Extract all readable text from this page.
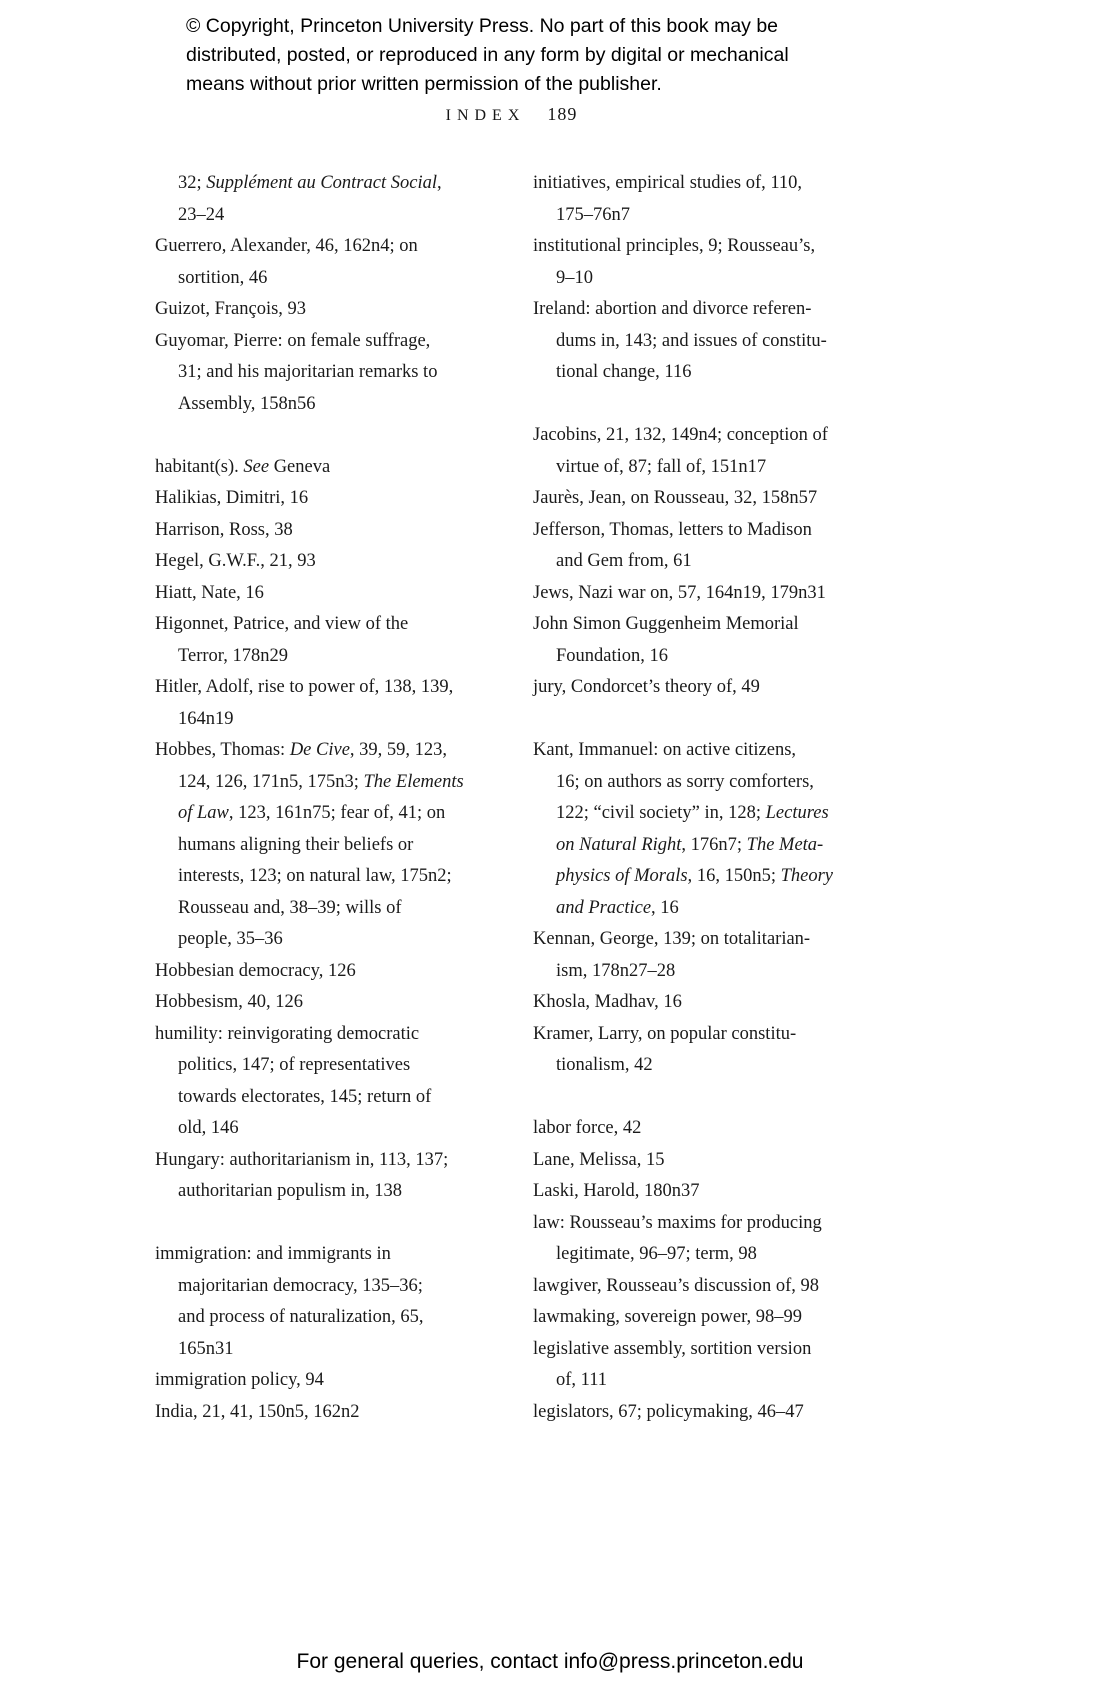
© Copyright, Princeton University Press. No part of this book may be
distributed, posted, or reproduced in any form by digital or mechanical
means without prior written permission of the publisher.
INDEX 189
32; Supplément au Contract Social,
23–24
Guerrero, Alexander, 46, 162n4; on
sortition, 46
Guizot, François, 93
Guyomar, Pierre: on female suffrage,
31; and his majoritarian remarks to
Assembly, 158n56
habitant(s). See Geneva
Halikias, Dimitri, 16
Harrison, Ross, 38
Hegel, G.W.F., 21, 93
Hiatt, Nate, 16
Higonnet, Patrice, and view of the
Terror, 178n29
Hitler, Adolf, rise to power of, 138, 139,
164n19
Hobbes, Thomas: De Cive, 39, 59, 123,
124, 126, 171n5, 175n3; The Elements
of Law, 123, 161n75; fear of, 41; on
humans aligning their beliefs or
interests, 123; on natural law, 175n2;
Rousseau and, 38–39; wills of
people, 35–36
Hobbesian democracy, 126
Hobbesism, 40, 126
humility: reinvigorating democratic
politics, 147; of representatives
towards electorates, 145; return of
old, 146
Hungary: authoritarianism in, 113, 137;
authoritarian populism in, 138
immigration: and immigrants in
majoritarian democracy, 135–36;
and process of naturalization, 65,
165n31
immigration policy, 94
India, 21, 41, 150n5, 162n2
initiatives, empirical studies of, 110,
175–76n7
institutional principles, 9; Rousseau’s,
9–10
Ireland: abortion and divorce referen-
dums in, 143; and issues of constitu-
tional change, 116
Jacobins, 21, 132, 149n4; conception of
virtue of, 87; fall of, 151n17
Jaurès, Jean, on Rousseau, 32, 158n57
Jefferson, Thomas, letters to Madison
and Gem from, 61
Jews, Nazi war on, 57, 164n19, 179n31
John Simon Guggenheim Memorial
Foundation, 16
jury, Condorcet’s theory of, 49
Kant, Immanuel: on active citizens,
16; on authors as sorry comforters,
122; “civil society” in, 128; Lectures
on Natural Right, 176n7; The Meta-
physics of Morals, 16, 150n5; Theory
and Practice, 16
Kennan, George, 139; on totalitarian-
ism, 178n27–28
Khosla, Madhav, 16
Kramer, Larry, on popular constitu-
tionalism, 42
labor force, 42
Lane, Melissa, 15
Laski, Harold, 180n37
law: Rousseau’s maxims for producing
legitimate, 96–97; term, 98
lawgiver, Rousseau’s discussion of, 98
lawmaking, sovereign power, 98–99
legislative assembly, sortition version
of, 111
legislators, 67; policymaking, 46–47
For general queries, contact info@press.princeton.edu
